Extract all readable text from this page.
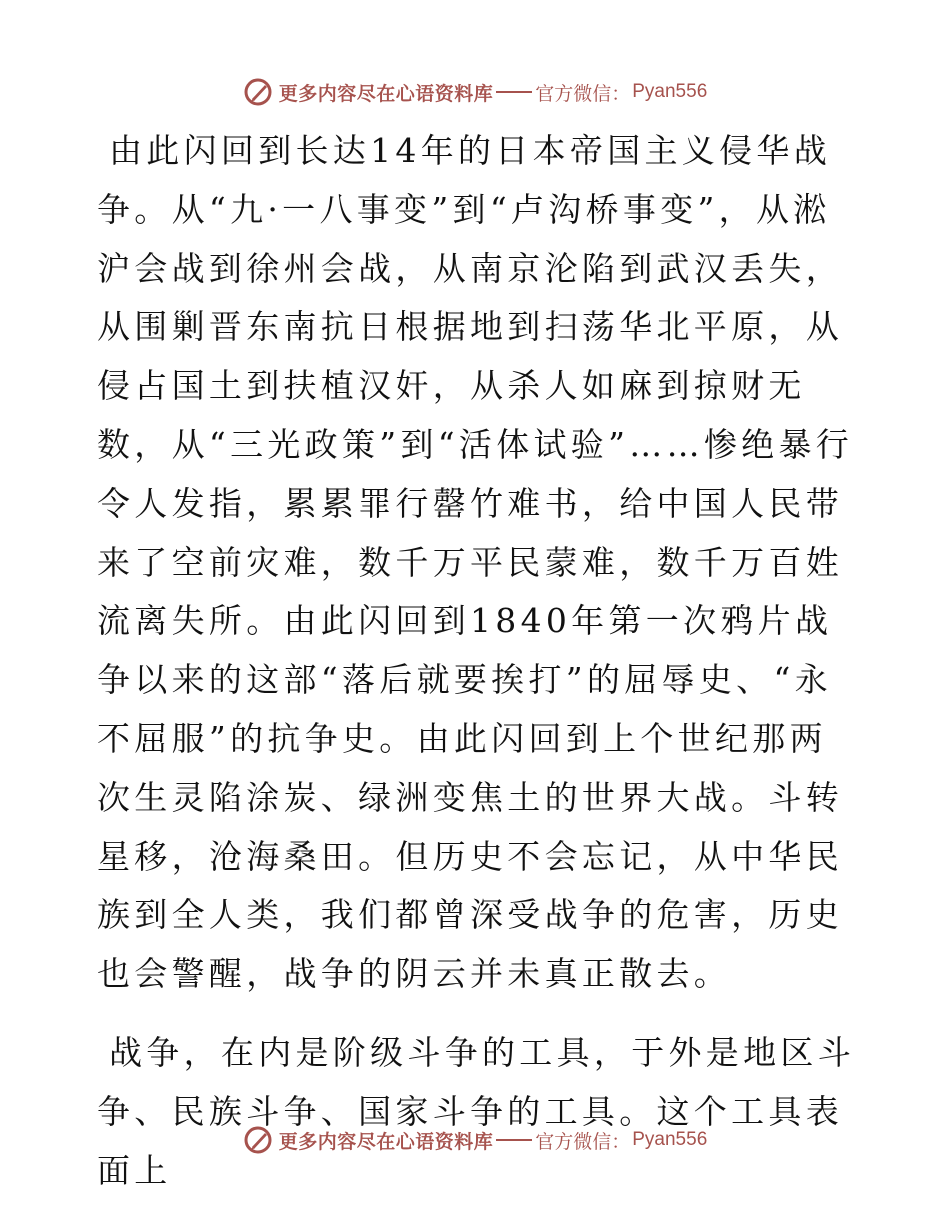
更多内容尽在心语资料库 官方微信： Pyan556

由此闪回到长达14年的日本帝国主义侵华战争。从“九·一八事变”到“卢沟桥事变”，从淞沪会战到徐州会战，从南京沦陷到武汉丢失，从围剿晋东南抗日根据地到扫荡华北平原，从侵占国土到扶植汉奸，从杀人如麻到掠财无数，从“三光政策”到“活体试验”……惨绝暴行令人发指，累累罪行罄竹难书，给中国人民带来了空前灾难，数千万平民蒙难，数千万百姓流离失所。由此闪回到1840年第一次鸦片战争以来的这部“落后就要挨打”的屈辱史、“永不屈服”的抗争史。由此闪回到上个世纪那两次生灵陷涂炭、绿洲变焦土的世界大战。斗转星移，沧海桑田。但历史不会忘记，从中华民族到全人类，我们都曾深受战争的危害，历史也会警醒，战争的阴云并未真正散去。

战争，在内是阶级斗争的工具，于外是地区斗争、民族斗争、国家斗争的工具。这个工具表面上

更多内容尽在心语资料库 官方微信： Pyan556
